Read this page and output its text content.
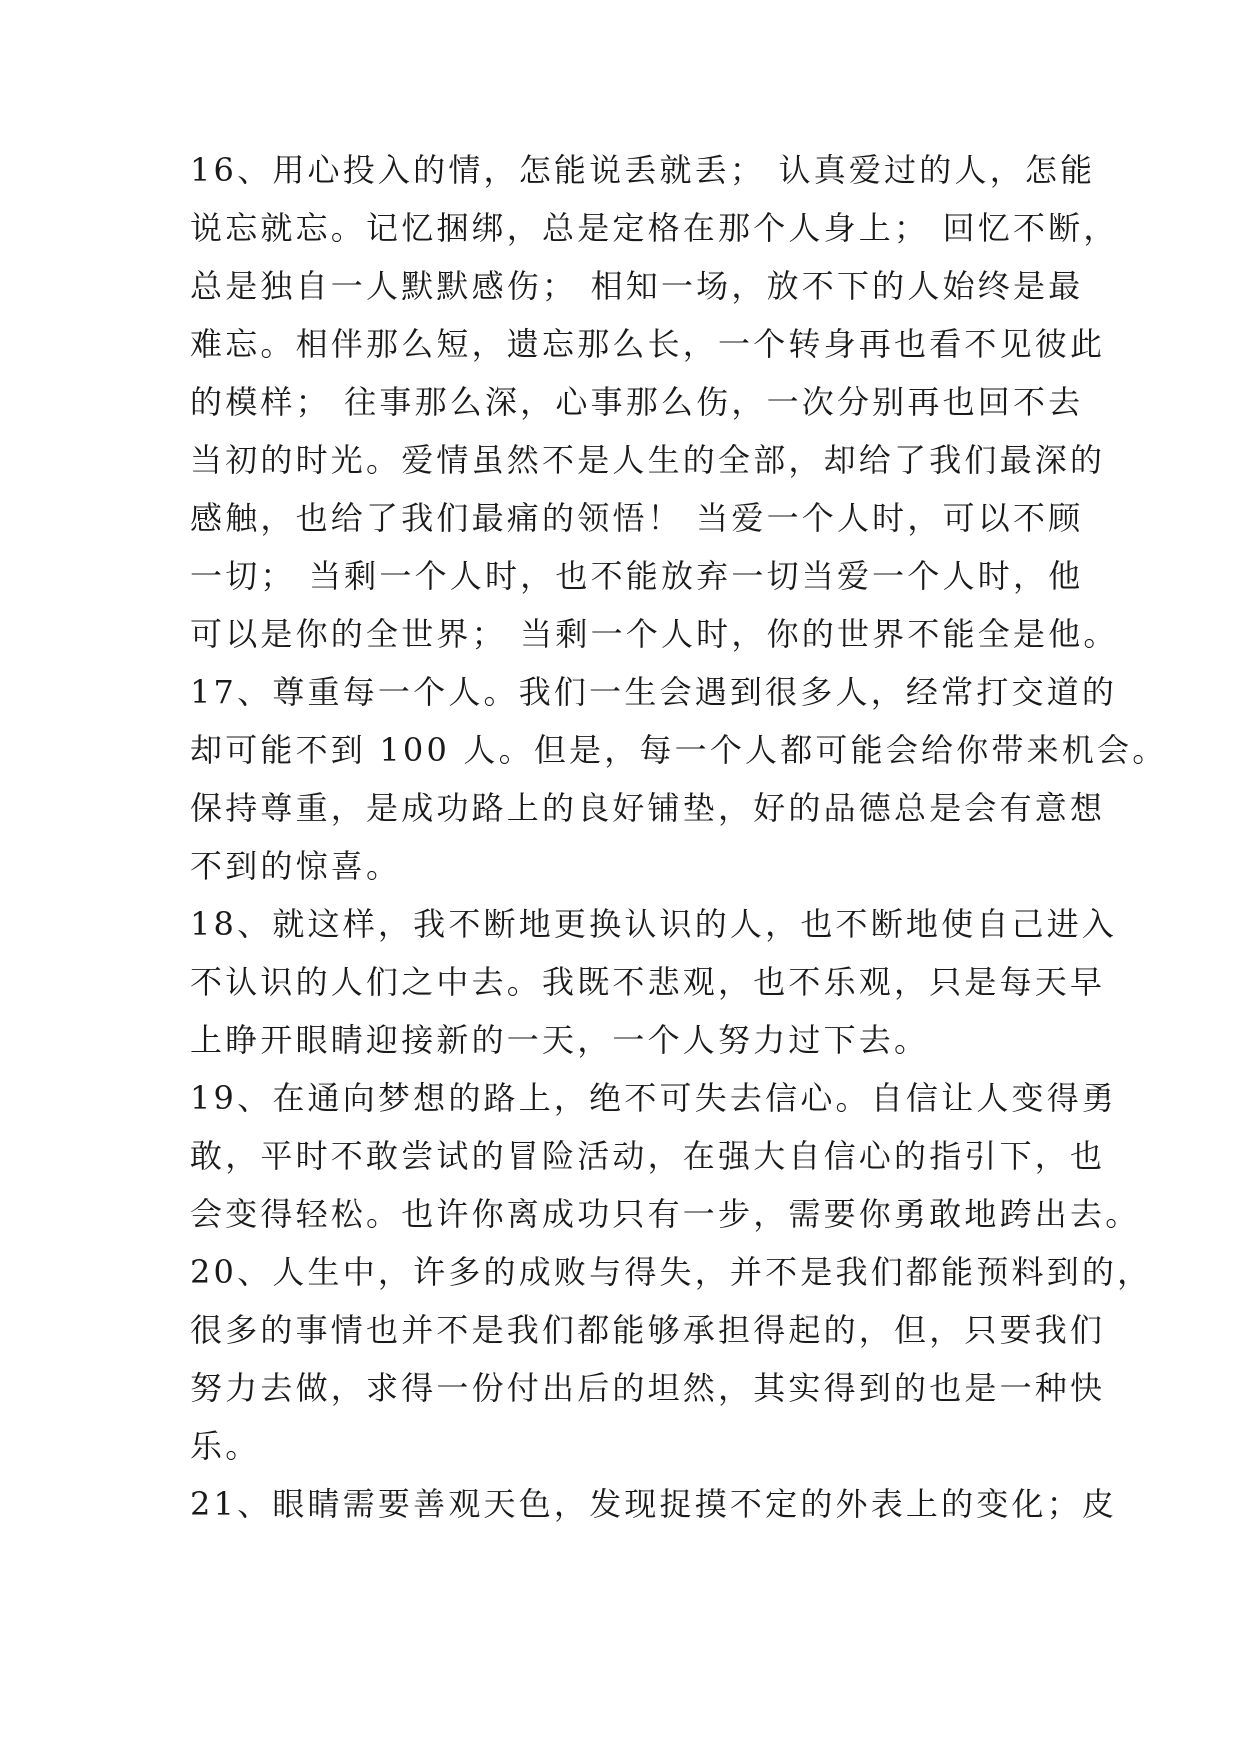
16、用心投入的情，怎能说丢就丢； 认真爱过的人，怎能
说忘就忘。记忆捆绑，总是定格在那个人身上； 回忆不断，
总是独自一人默默感伤； 相知一场，放不下的人始终是最
难忘。相伴那么短，遗忘那么长，一个转身再也看不见彼此
的模样； 往事那么深，心事那么伤，一次分别再也回不去
当初的时光。爱情虽然不是人生的全部，却给了我们最深的
感触，也给了我们最痛的领悟！ 当爱一个人时，可以不顾
一切； 当剩一个人时，也不能放弃一切当爱一个人时，他
可以是你的全世界； 当剩一个人时，你的世界不能全是他。
17、尊重每一个人。我们一生会遇到很多人，经常打交道的
却可能不到 100 人。但是，每一个人都可能会给你带来机会。
保持尊重，是成功路上的良好铺垫，好的品德总是会有意想
不到的惊喜。
18、就这样，我不断地更换认识的人，也不断地使自己进入
不认识的人们之中去。我既不悲观，也不乐观，只是每天早
上睁开眼睛迎接新的一天，一个人努力过下去。
19、在通向梦想的路上，绝不可失去信心。自信让人变得勇
敢，平时不敢尝试的冒险活动，在强大自信心的指引下，也
会变得轻松。也许你离成功只有一步，需要你勇敢地跨出去。
20、人生中，许多的成败与得失，并不是我们都能预料到的，
很多的事情也并不是我们都能够承担得起的，但，只要我们
努力去做，求得一份付出后的坦然，其实得到的也是一种快
乐。
21、眼睛需要善观天色，发现捉摸不定的外表上的变化；皮
